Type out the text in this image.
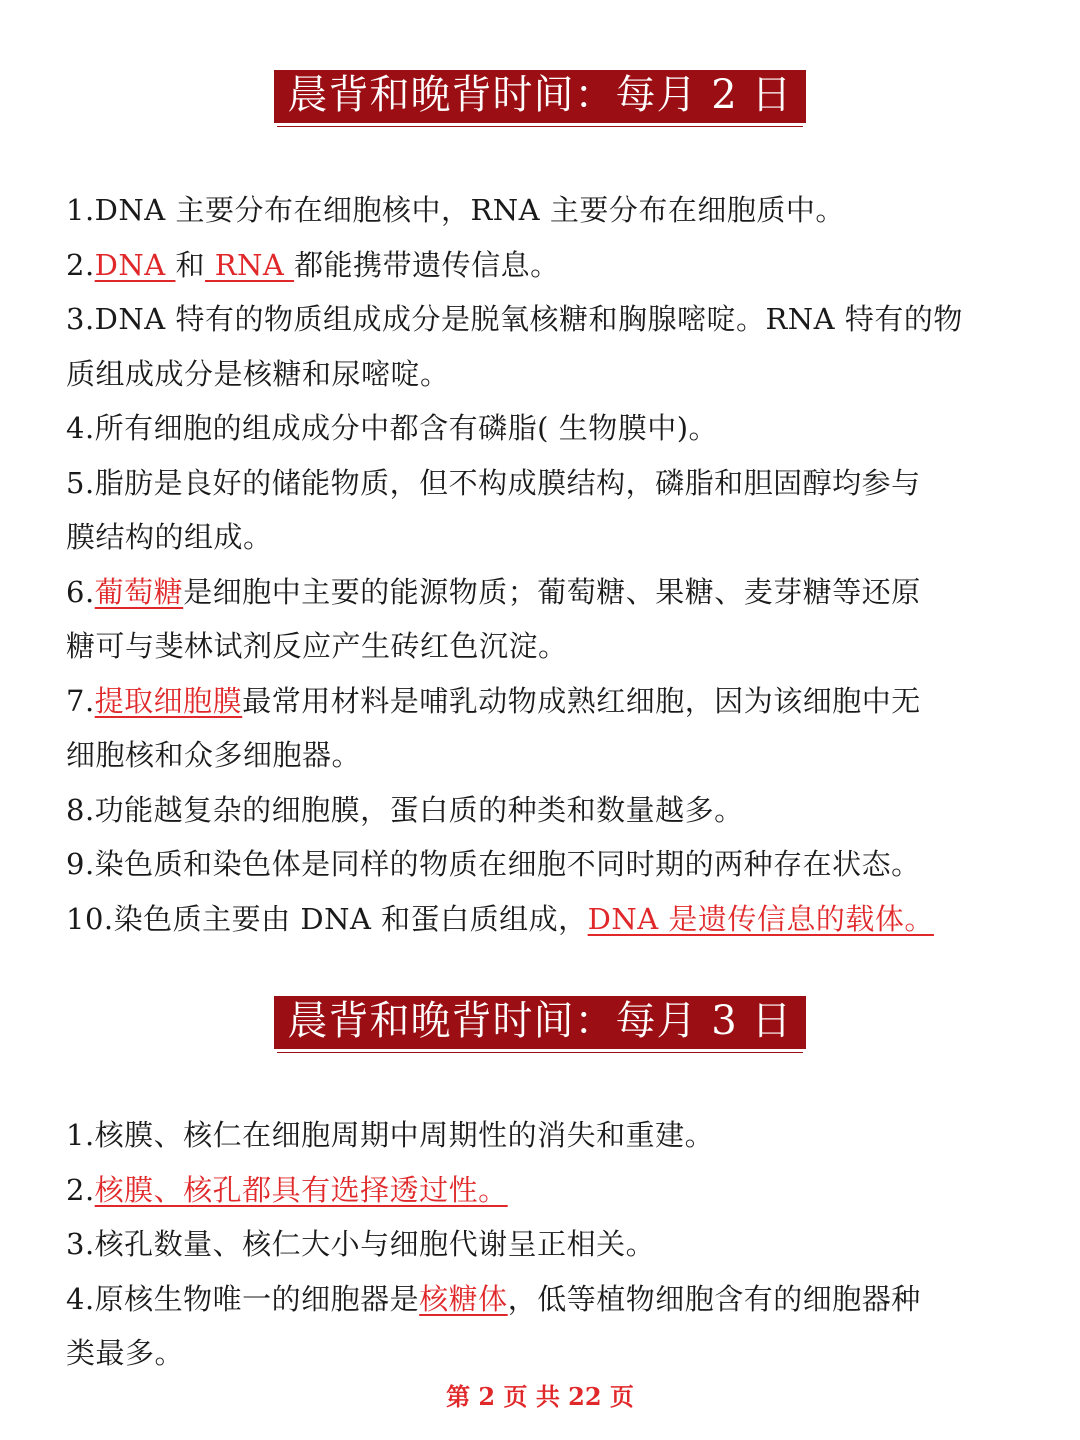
晨背和晚背时间：每月 2 日
1.DNA 主要分布在细胞核中，RNA 主要分布在细胞质中。
2.DNA 和 RNA 都能携带遗传信息。
3.DNA 特有的物质组成成分是脱氧核糖和胸腺嘧啶。RNA 特有的物
质组成成分是核糖和尿嘧啶。
4.所有细胞的组成成分中都含有磷脂( 生物膜中)。
5.脂肪是良好的储能物质，但不构成膜结构，磷脂和胆固醇均参与
膜结构的组成。
6.葡萄糖是细胞中主要的能源物质；葡萄糖、果糖、麦芽糖等还原
糖可与斐林试剂反应产生砖红色沉淀。
7.提取细胞膜最常用材料是哺乳动物成熟红细胞，因为该细胞中无
细胞核和众多细胞器。
8.功能越复杂的细胞膜，蛋白质的种类和数量越多。
9.染色质和染色体是同样的物质在细胞不同时期的两种存在状态。
10.染色质主要由 DNA 和蛋白质组成，DNA 是遗传信息的载体。
晨背和晚背时间：每月 3 日
1.核膜、核仁在细胞周期中周期性的消失和重建。
2.核膜、核孔都具有选择透过性。
3.核孔数量、核仁大小与细胞代谢呈正相关。
4.原核生物唯一的细胞器是核糖体，低等植物细胞含有的细胞器种
类最多。
第 2 页 共 22 页
